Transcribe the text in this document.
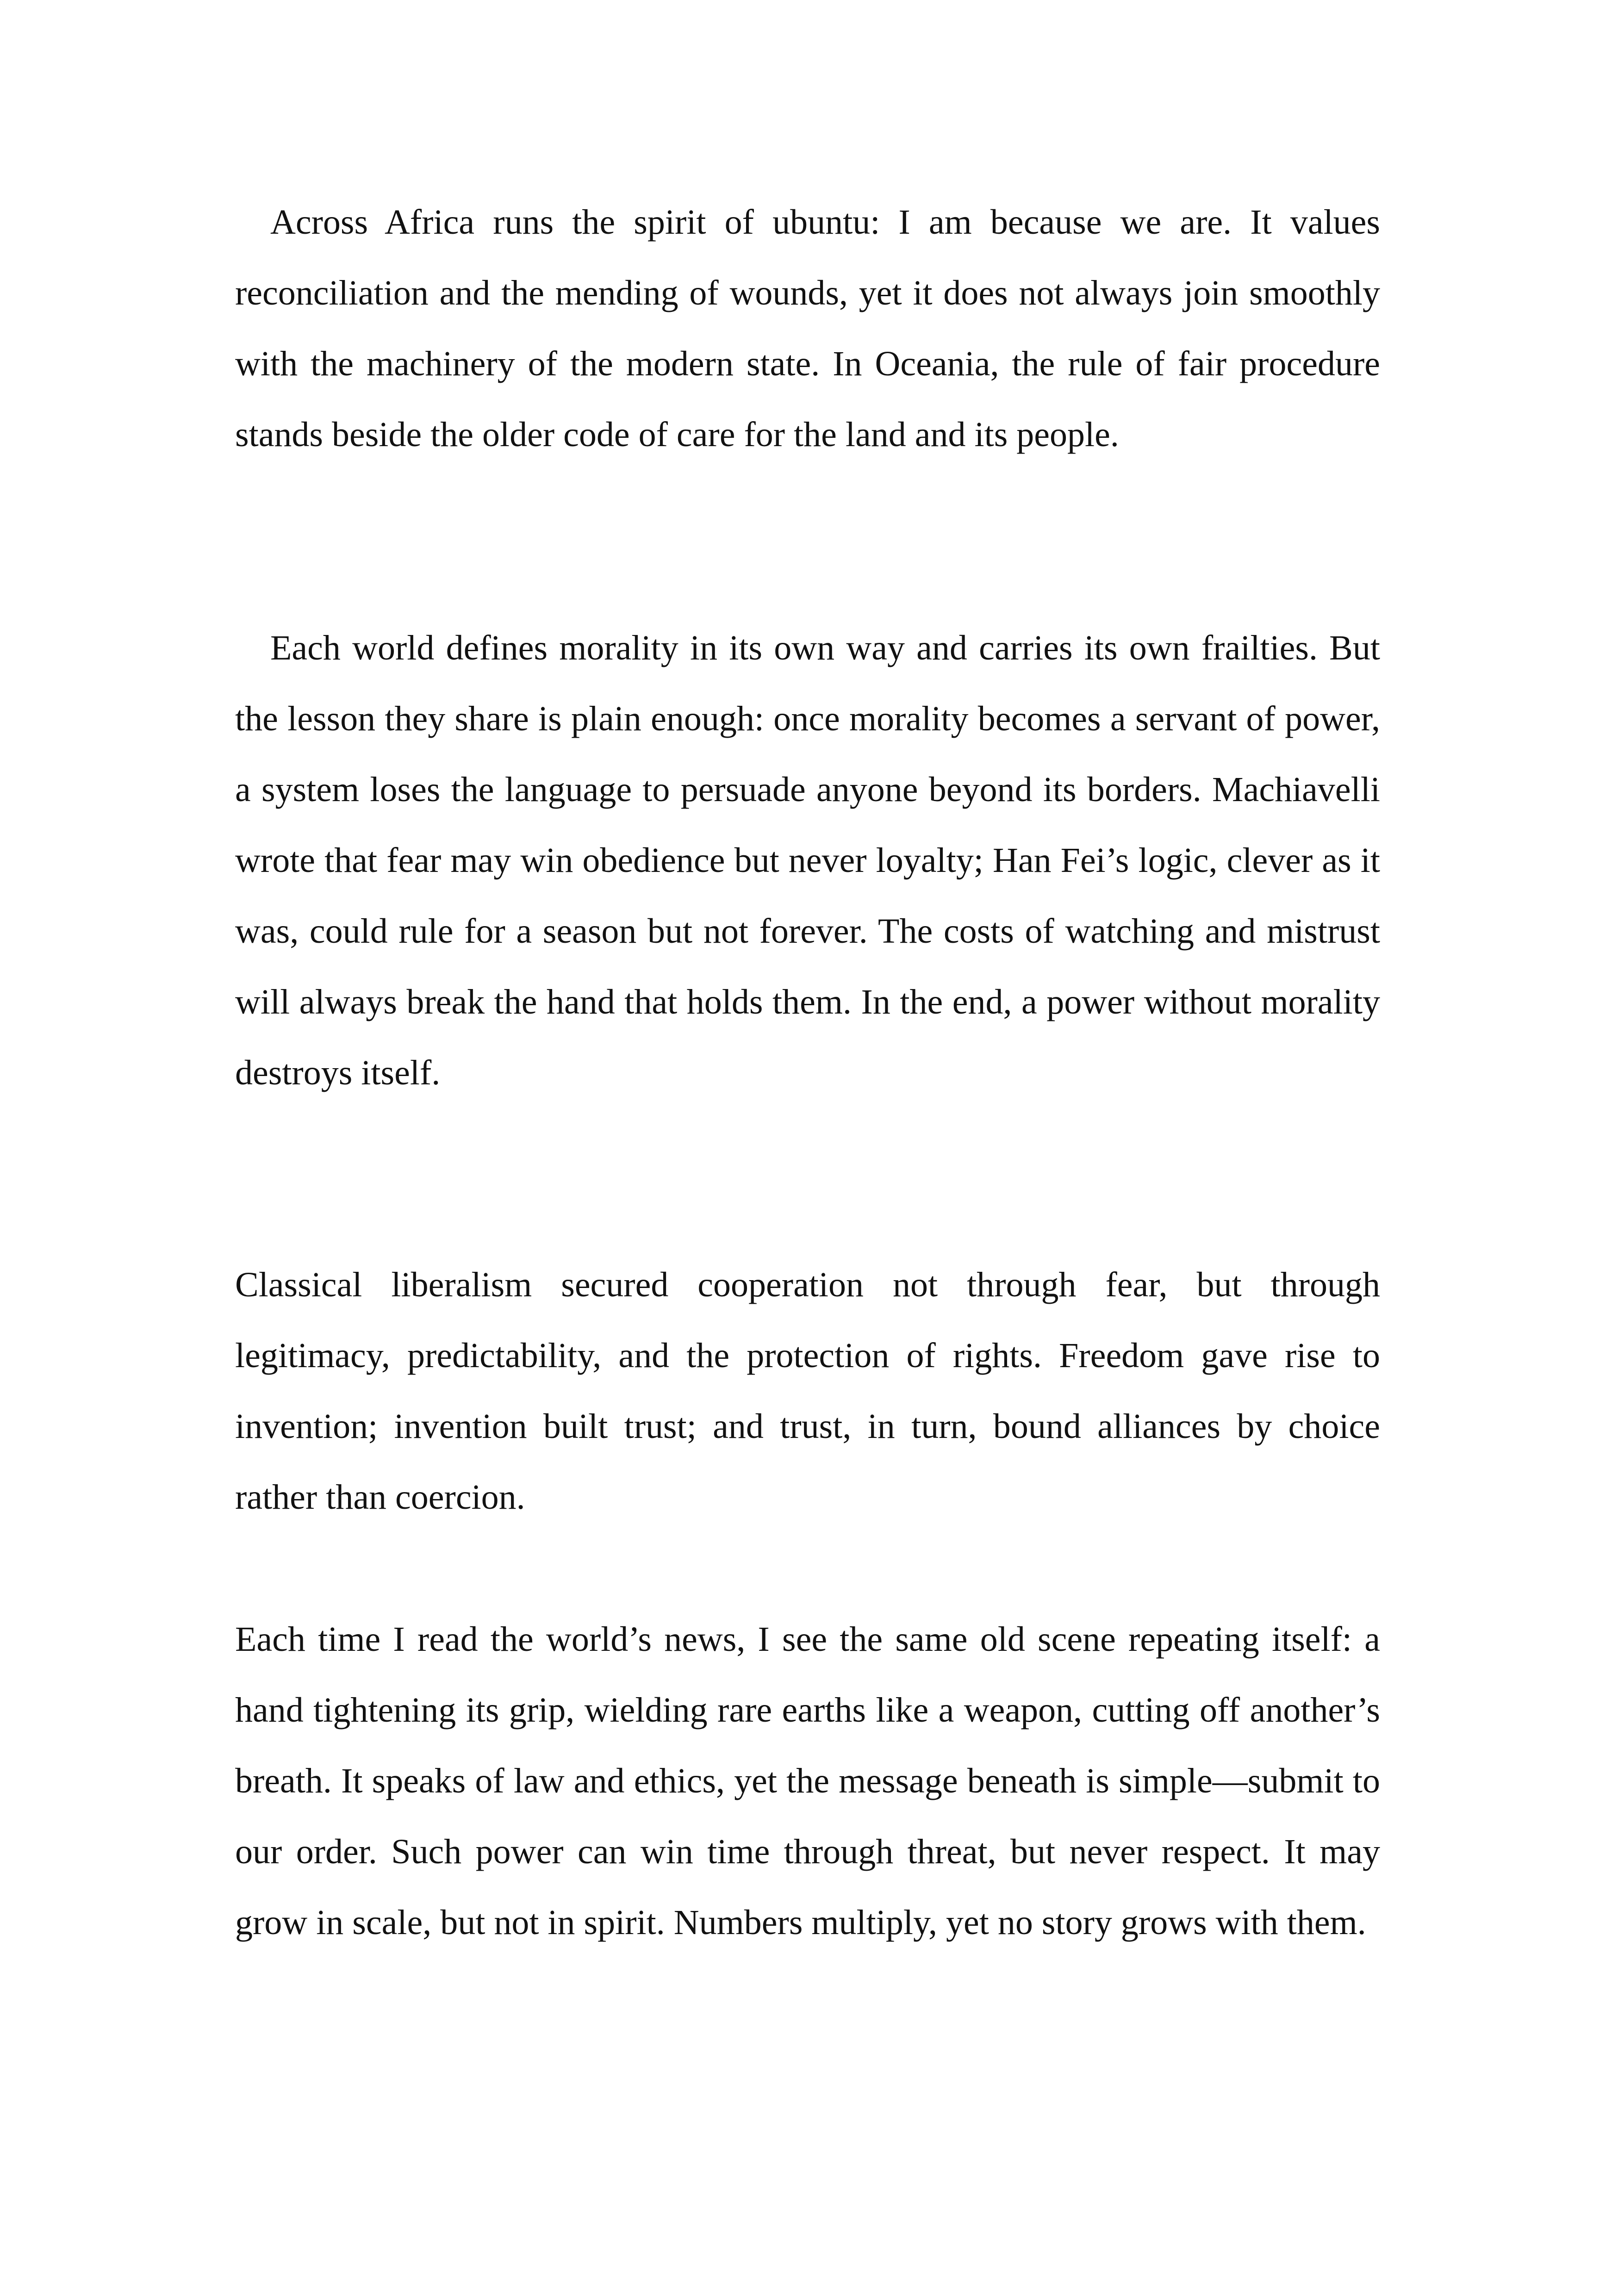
Across Africa runs the spirit of ubuntu: I am because we are. It values reconciliation and the mending of wounds, yet it does not always join smoothly with the machinery of the modern state. In Oceania, the rule of fair procedure stands beside the older code of care for the land and its people.

Each world defines morality in its own way and carries its own frailties. But the lesson they share is plain enough: once morality becomes a servant of power, a system loses the language to persuade anyone beyond its borders. Machiavelli wrote that fear may win obedience but never loyalty; Han Fei’s logic, clever as it was, could rule for a season but not forever. The costs of watching and mistrust will always break the hand that holds them. In the end, a power without morality destroys itself.

Classical liberalism secured cooperation not through fear, but through legitimacy, predictability, and the protection of rights. Freedom gave rise to invention; invention built trust; and trust, in turn, bound alliances by choice rather than coercion.

Each time I read the world’s news, I see the same old scene repeating itself: a hand tightening its grip, wielding rare earths like a weapon, cutting off another’s breath. It speaks of law and ethics, yet the message beneath is simple—submit to our order. Such power can win time through threat, but never respect. It may grow in scale, but not in spirit. Numbers multiply, yet no story grows with them.
